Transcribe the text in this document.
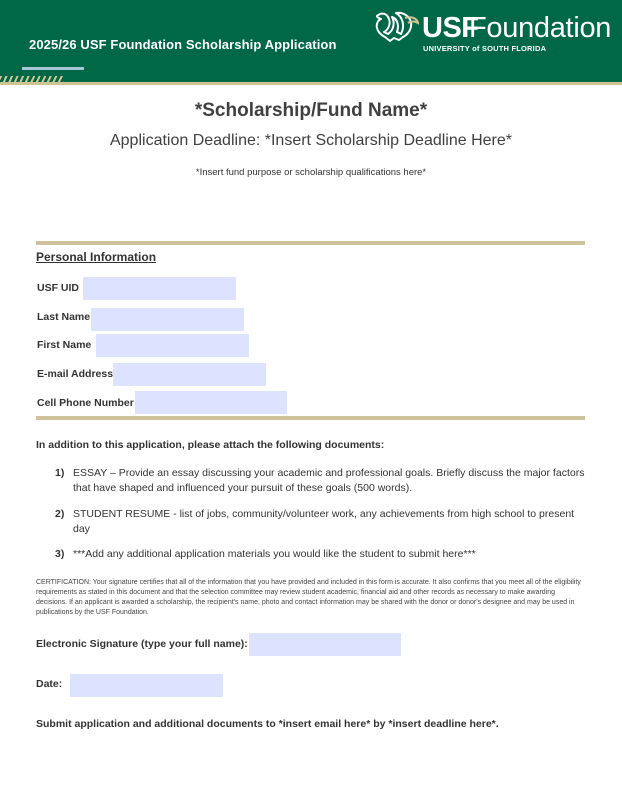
2025/26 USF Foundation Scholarship Application
USF
Foundation
UNIVERSITY of SOUTH FLORIDA
*Scholarship/Fund Name*
Application Deadline: *Insert Scholarship Deadline Here*
*Insert fund purpose or scholarship qualifications here*
Personal Information
USF UID
Last Name
First Name
E-mail Address
Cell Phone Number
In addition to this application, please attach the following documents:
1) ESSAY – Provide an essay discussing your academic and professional goals. Briefly discuss the major factors that have shaped and influenced your pursuit of these goals (500 words).
2) STUDENT RESUME - list of jobs, community/volunteer work, any achievements from high school to present day
3) ***Add any additional application materials you would like the student to submit here***
CERTIFICATION: Your signature certifies that all of the information that you have provided and included in this form is accurate. It also confirms that you meet all of the eligibility requirements as stated in this document and that the selection committee may review student academic, financial aid and other records as necessary to make awarding decisions. If an applicant is awarded a scholarship, the recipient's name, photo and contact information may be shared with the donor or donor's designee and may be used in publications by the USF Foundation.
Electronic Signature (type your full name):
Date:
Submit application and additional documents to *insert email here* by *insert deadline here*.
